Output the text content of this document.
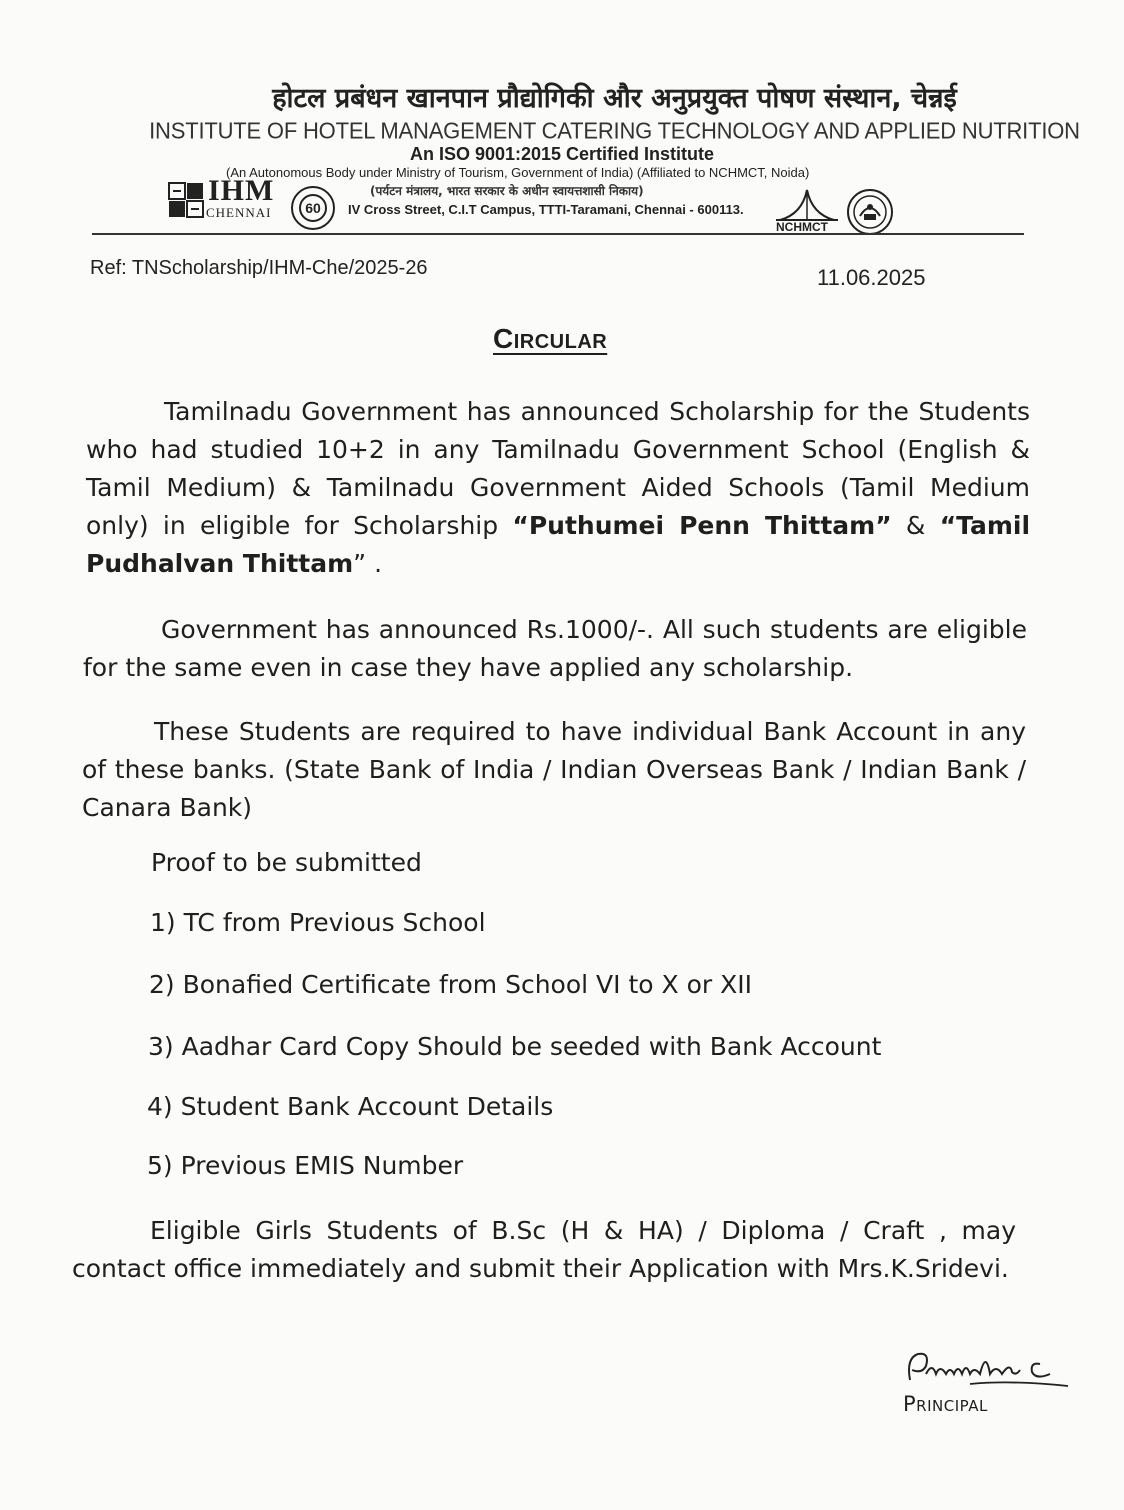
होटल प्रबंधन खानपान प्रौद्योगिकी और अनुप्रयुक्त पोषण संस्थान, चेन्नई
INSTITUTE OF HOTEL MANAGEMENT CATERING TECHNOLOGY AND APPLIED NUTRITION
An ISO 9001:2015 Certified Institute
(An Autonomous Body under Ministry of Tourism, Government of India) (Affiliated to NCHMCT, Noida)
(पर्यटन मंत्रालय, भारत सरकार के अधीन स्वायत्तशासी निकाय)
IV Cross Street, C.I.T Campus, TTTI-Taramani, Chennai - 600113.
IHM
CHENNAI 60
NCHMCT
Ref: TNScholarship/IHM-Che/2025-26	11.06.2025
Circular
Tamilnadu Government has announced Scholarship for the Students who had studied 10+2 in any Tamilnadu Government School (English & Tamil Medium) & Tamilnadu Government Aided Schools (Tamil Medium only) in eligible for Scholarship “Puthumei Penn Thittam” & “Tamil Pudhalvan Thittam” .
Government has announced Rs.1000/-. All such students are eligible for the same even in case they have applied any scholarship.
These Students are required to have individual Bank Account in any of these banks. (State Bank of India / Indian Overseas Bank / Indian Bank / Canara Bank)
Proof to be submitted
1) TC from Previous School
2) Bonafied Certificate from School VI to X or XII
3) Aadhar Card Copy Should be seeded with Bank Account
4) Student Bank Account Details
5) Previous EMIS Number
Eligible Girls Students of B.Sc (H & HA) / Diploma / Craft , may contact office immediately and submit their Application with Mrs.K.Sridevi.
Principal
